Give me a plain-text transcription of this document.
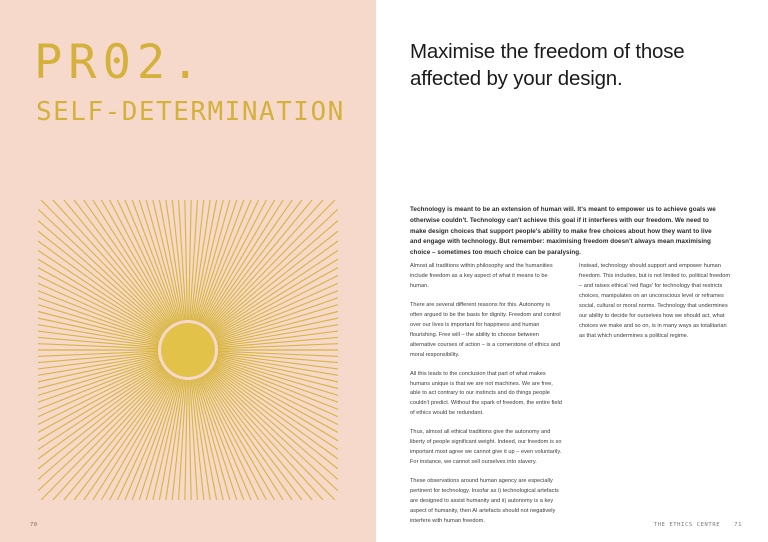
PR02.
SELF-DETERMINATION
70
Maximise the freedom of those affected by your design.
Technology is meant to be an extension of human will. It's meant to empower us to achieve goals we otherwise couldn't. Technology can't achieve this goal if it interferes with our freedom. We need to make design choices that support people's ability to make free choices about how they want to live and engage with technology. But remember: maximising freedom doesn't always mean maximising choice – sometimes too much choice can be paralysing.

Almost all traditions within philosophy and the humanities include freedom as a key aspect of what it means to be human.

There are several different reasons for this. Autonomy is often argued to be the basis for dignity. Freedom and control over our lives is important for happiness and human flourishing. Free will – the ability to choose between alternative courses of action – is a cornerstone of ethics and moral responsibility.

All this leads to the conclusion that part of what makes humans unique is that we are not machines. We are free, able to act contrary to our instincts and do things people couldn't predict. Without the spark of freedom, the entire field of ethics would be redundant.

Thus, almost all ethical traditions give the autonomy and liberty of people significant weight. Indeed, our freedom is so important most agree we cannot give it up – even voluntarily. For instance, we cannot sell ourselves into slavery.

These observations around human agency are especially pertinent for technology. Insofar as i) technological artefacts are designed to assist humanity and ii) autonomy is a key aspect of humanity, then AI artefacts should not negatively interfere with human freedom.

Instead, technology should support and empower human freedom. This includes, but is not limited to, political freedom – and raises ethical 'red flags' for technology that restricts choices, manipulates on an unconscious level or reframes social, cultural or moral norms. Technology that undermines our ability to decide for ourselves how we should act, what choices we make and so on, is in many ways as totalitarian as that which undermines a political regime.

THE ETHICS CENTRE	71
